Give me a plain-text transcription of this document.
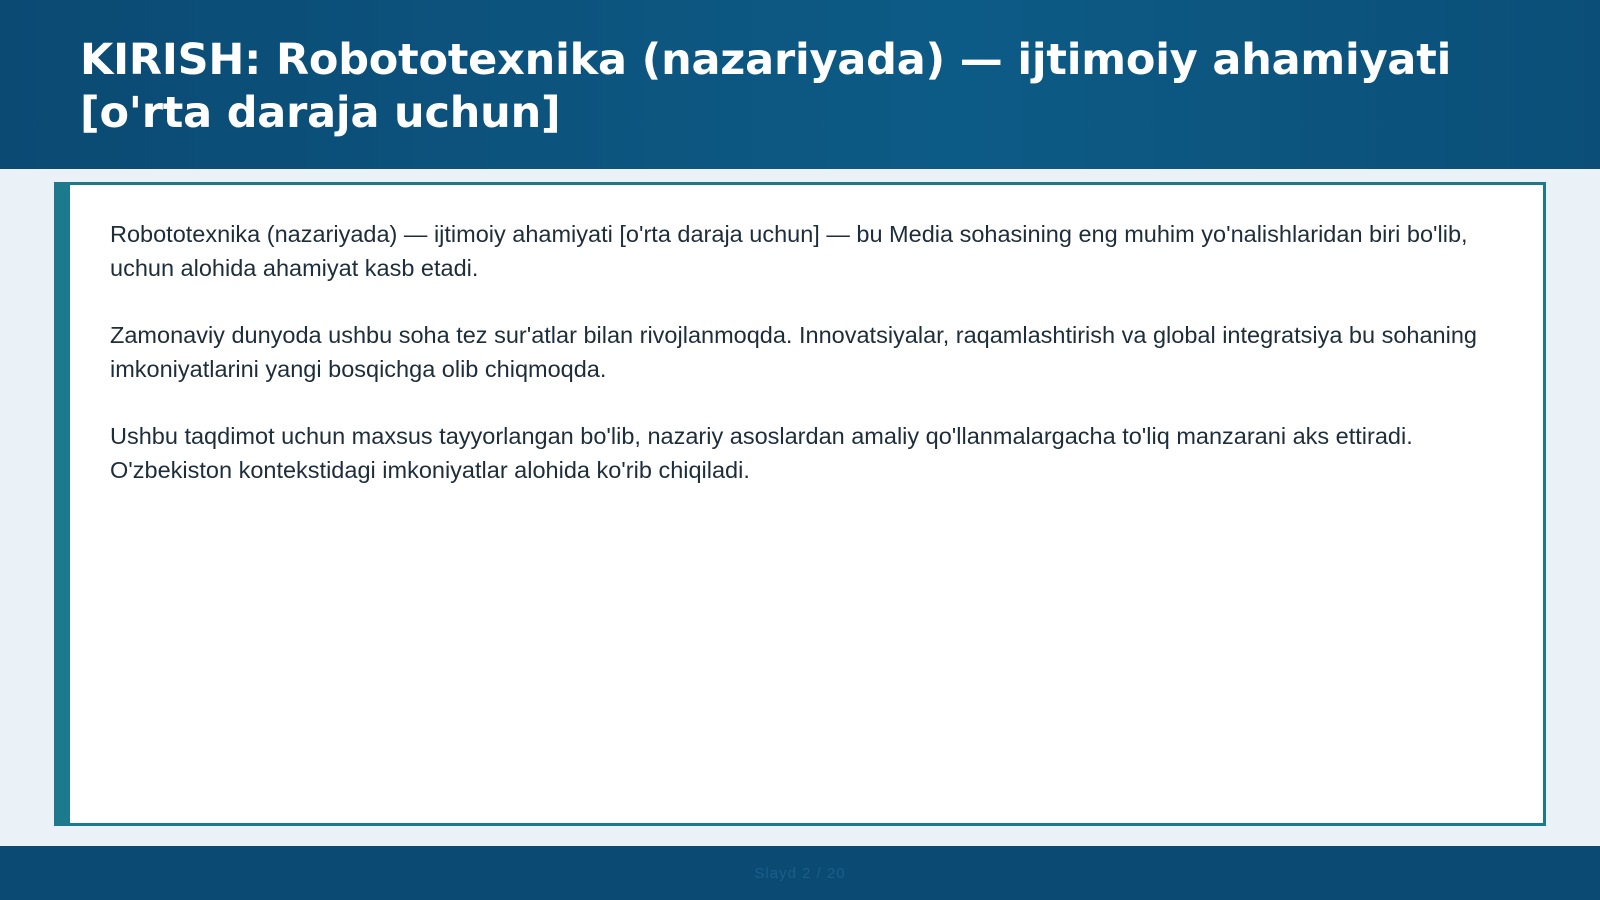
KIRISH: Robototexnika (nazariyada) — ijtimoiy ahamiyati [o'rta daraja uchun]

Robototexnika (nazariyada) — ijtimoiy ahamiyati [o'rta daraja uchun] — bu Media sohasining eng muhim yo'nalishlaridan biri bo'lib, uchun alohida ahamiyat kasb etadi.

Zamonaviy dunyoda ushbu soha tez sur'atlar bilan rivojlanmoqda. Innovatsiyalar, raqamlashtirish va global integratsiya bu sohaning imkoniyatlarini yangi bosqichga olib chiqmoqda.

Ushbu taqdimot uchun maxsus tayyorlangan bo'lib, nazariy asoslardan amaliy qo'llanmalargacha to'liq manzarani aks ettiradi. O'zbekiston kontekstidagi imkoniyatlar alohida ko'rib chiqiladi.

Slayd 2 / 20
